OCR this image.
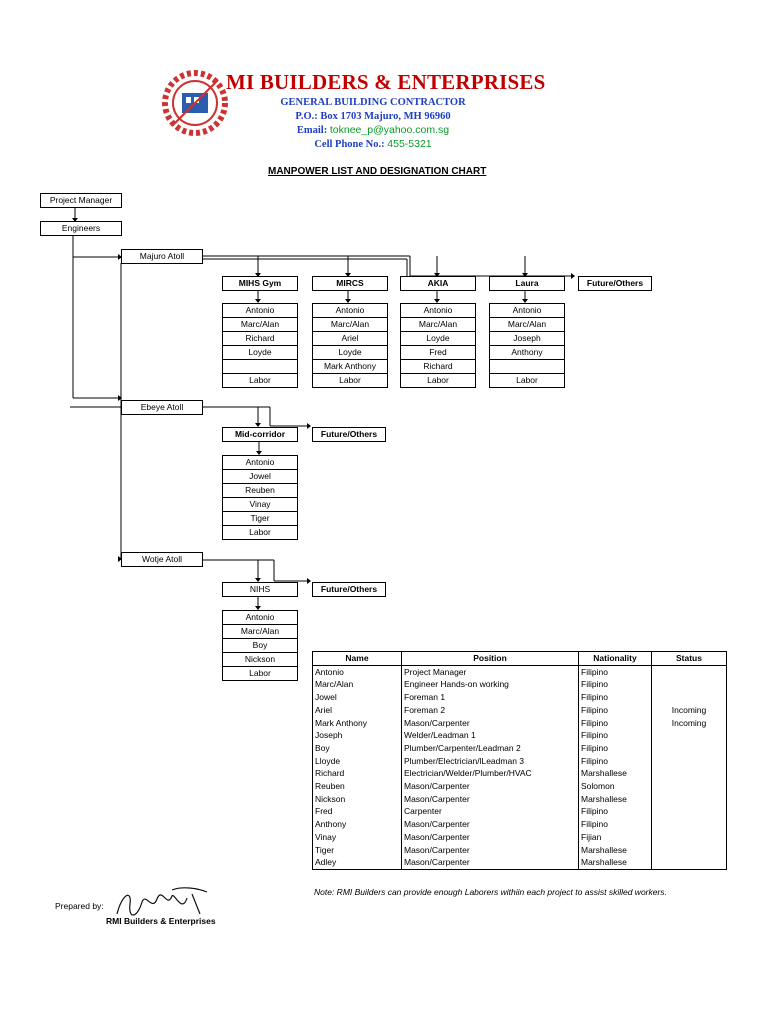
MI BUILDERS & ENTERPRISES
GENERAL BUILDING CONTRACTOR
P.O.: Box 1703 Majuro, MH 96960
Email: toknee_p@yahoo.com.sg
Cell Phone No.: 455-5321
MANPOWER LIST AND DESIGNATION CHART
Project Manager
Engineers
Majuro Atoll
Ebeye Atoll
Wotje Atoll
MIHS Gym	MIRCS	AKIA	Laura	Future/Others
Antonio
Marc/Alan
Richard
Loyde
Labor
Antonio
Marc/Alan
Ariel
Loyde
Mark Anthony
Labor
Antonio
Marc/Alan
Loyde
Fred
Richard
Labor
Antonio
Marc/Alan
Joseph
Anthony
Labor
Mid-corridor	Future/Others
Antonio
Jowel
Reuben
Vinay
Tiger
Labor
NIHS	Future/Others
Antonio
Marc/Alan
Boy
Nickson
Labor
Name	Position	Nationality	Status
Antonio	Project Manager	Filipino	
Marc/Alan	Engineer Hands-on working	Filipino	
Jowel	Foreman 1	Filipino	
Ariel	Foreman 2	Filipino	Incoming
Mark Anthony	Mason/Carpenter	Filipino	Incoming
Joseph	Welder/Leadman 1	Filipino	
Boy	Plumber/Carpenter/Leadman 2	Filipino	
Lloyde	Plumber/Electrician/lLeadman 3	Filipino	
Richard	Electrician/Welder/Plumber/HVAC	Marshallese	
Reuben	Mason/Carpenter	Solomon	
Nickson	Mason/Carpenter	Marshallese	
Fred	Carpenter	Filipino	
Anthony	Mason/Carpenter	Filipino	
Vinay	Mason/Carpenter	Fijian	
Tiger	Mason/Carpenter	Marshallese	
Adley	Mason/Carpenter	Marshallese	
Note: RMI Builders can provide enough Laborers withiin each project to assist skilled workers.
Prepared by:
RMI Builders & Enterprises
